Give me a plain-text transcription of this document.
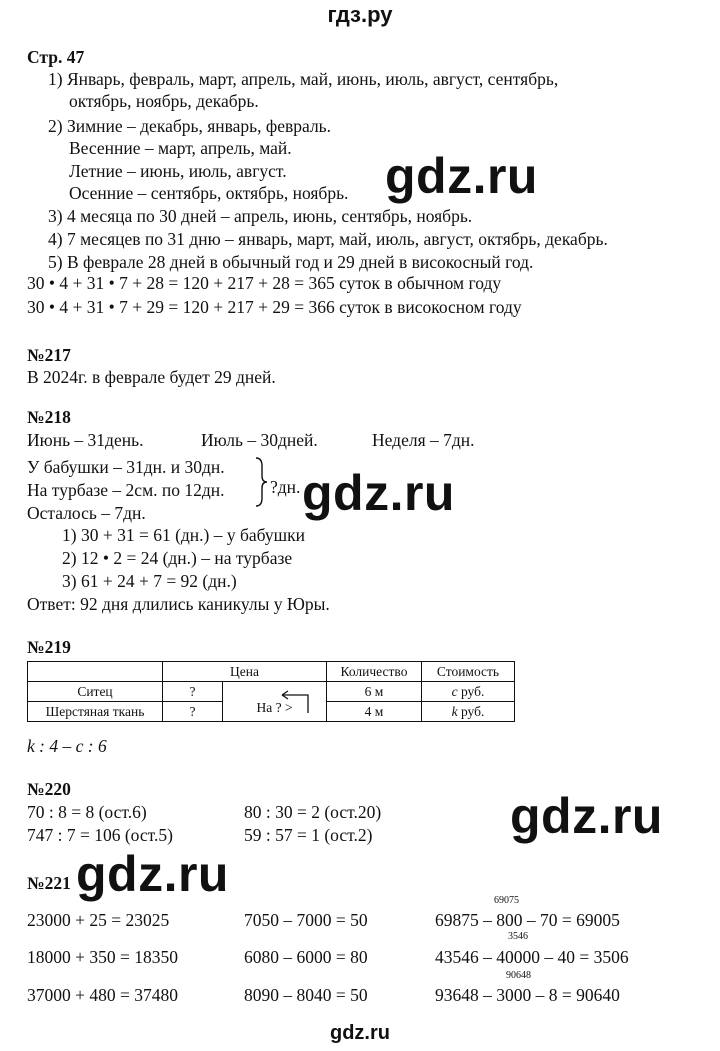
гдз.ру
Стр. 47
1) Январь, февраль, март, апрель, май, июнь, июль, август, сентябрь,
октябрь, ноябрь, декабрь.
2) Зимние – декабрь, январь, февраль.
Весенние – март, апрель, май.
Летние – июнь, июль, август.
Осенние – сентябрь, октябрь, ноябрь.
3) 4 месяца по 30 дней – апрель, июнь, сентябрь, ноябрь.
4) 7 месяцев по 31 дню – январь, март, май, июль, август, октябрь, декабрь.
5) В феврале 28 дней в обычный год и 29 дней в високосный год.
30 • 4 + 31 • 7 + 28 = 120 + 217 + 28 = 365 суток в обычном году
30 • 4 + 31 • 7 + 29 = 120 + 217 + 29 = 366 суток в високосном году
gdz.ru
№217
В 2024г. в феврале будет 29 дней.
№218
Июнь – 31день.	Июль – 30дней.	Неделя – 7дн.
У бабушки – 31дн. и 30дн.
На турбазе – 2см. по 12дн.
Осталось – 7дн.
?дн.
1) 30 + 31 = 61 (дн.) – у бабушки
2) 12 • 2 = 24 (дн.) – на турбазе
3) 61 + 24 + 7 = 92 (дн.)
Ответ: 92 дня длились каникулы у Юры.
gdz.ru
№219
	Цена		Количество	Стоимость
Ситец	?	На ? >	6 м	c руб.
Шерстяная ткань	?		4 м	k руб.
k : 4 – c : 6
№220
70 : 8 = 8 (ост.6)	80 : 30 = 2 (ост.20)
747 : 7 = 106 (ост.5)	59 : 57 = 1 (ост.2)	gdz.ru
№221 gdz.ru	69075
23000 + 25 = 23025	7050 – 7000 = 50	69875 – 800 – 70 = 69005
3546
18000 + 350 = 18350	6080 – 6000 = 80	43546 – 40000 – 40 = 3506
90648
37000 + 480 = 37480	8090 – 8040 = 50	93648 – 3000 – 8 = 90640
gdz.ru
